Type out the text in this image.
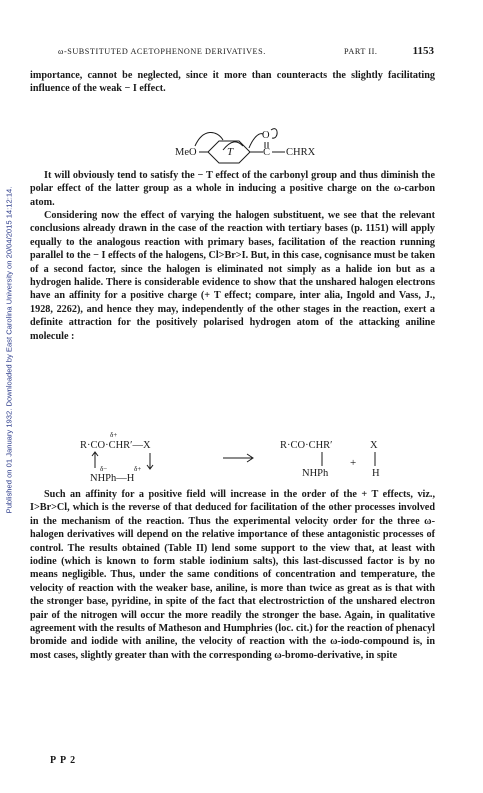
Published on 01 January 1932. Downloaded by East Carolina University on 20/04/2015 14:12:14.
ω-SUBSTITUTED ACETOPHENONE DERIVATIVES.	PART II.	1153

importance, cannot be neglected, since it more than counteracts the slightly facilitating influence of the weak − I effect.

MeO	T
O
C CHRX

It will obviously tend to satisfy the − T effect of the carbonyl group and thus diminish the polar effect of the latter group as a whole in inducing a positive charge on the ω-carbon atom.

Considering now the effect of varying the halogen substituent, we see that the relevant conclusions already drawn in the case of the reaction with tertiary bases (p. 1151) will apply equally to the analogous reaction with primary bases, facilitation of the reaction running parallel to the − I effects of the halogens, Cl>Br>I. But, in this case, cognisance must be taken of a second factor, since the halogen is eliminated not simply as a halide ion but as a hydrogen halide. There is considerable evidence to show that the unshared halogen electrons have an affinity for a positive charge (+ T effect; compare, inter alia, Ingold and Vass, J., 1928, 2262), and hence they may, independently of the other stages in the reaction, exert a definite attraction for the positively polarised hydrogen atom of the attacking aniline molecule :

δ+
R·CO·CHR′—X
δ−	δ+
NHPh—H
R·CO·CHR′	X
+
NHPh	H

Such an affinity for a positive field will increase in the order of the + T effects, viz., I>Br>Cl, which is the reverse of that deduced for facilitation of the other processes involved in the mechanism of the reaction. Thus the experimental velocity order for the three ω-halogen derivatives will depend on the relative importance of these antagonistic processes of control. The results obtained (Table II) lend some support to the view that, at least with iodine (which is known to form stable iodinium salts), this last-discussed factor is by no means negligible. Thus, under the same conditions of concentration and temperature, the velocity of reaction with the weaker base, aniline, is more than twice as great as is that with the stronger base, pyridine, in spite of the fact that electrostriction of the unshared electron pair of the nitrogen will occur the more readily the stronger the base. Again, in qualitative agreement with the results of Matheson and Humphries (loc. cit.) for the reaction of phenacyl bromide and iodide with aniline, the velocity of reaction with the ω-iodo-compound is, in most cases, slightly greater than with the corresponding ω-bromo-derivative, in spite

P P 2
